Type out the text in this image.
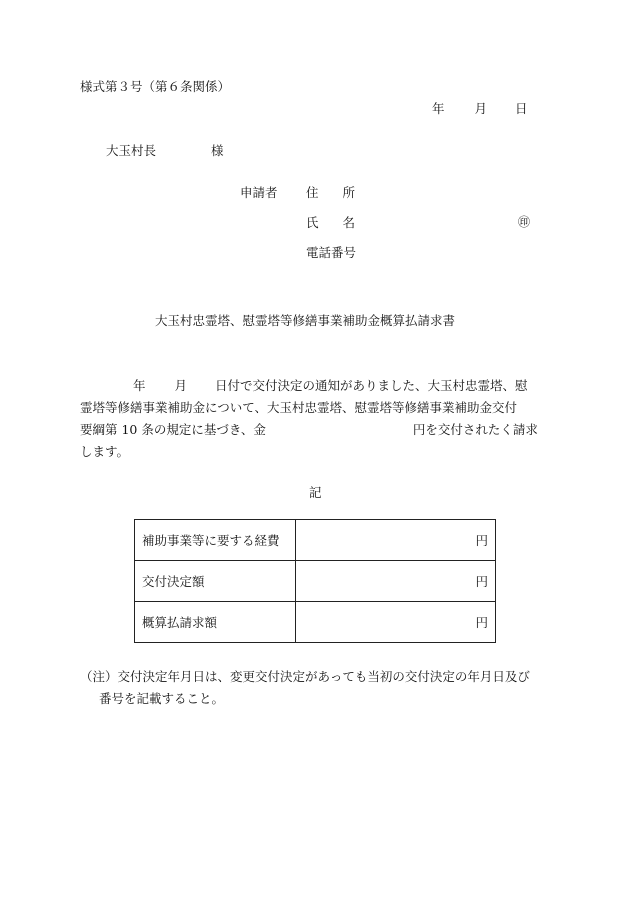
様式第３号（第６条関係）
年 月 日
大玉村長	様
申請者 住 所
氏 名	㊞
電話番号
大玉村忠霊塔、慰霊塔等修繕事業補助金概算払請求書
年 月 日付で交付決定の通知がありました、大玉村忠霊塔、慰
霊塔等修繕事業補助金について、大玉村忠霊塔、慰霊塔等修繕事業補助金交付
要綱第 10 条の規定に基づき、金	円を交付されたく請求
します。
記
補助事業等に要する経費	円
交付決定額	円
概算払請求額	円
（注）交付決定年月日は、変更交付決定があっても当初の交付決定の年月日及び
番号を記載すること。
